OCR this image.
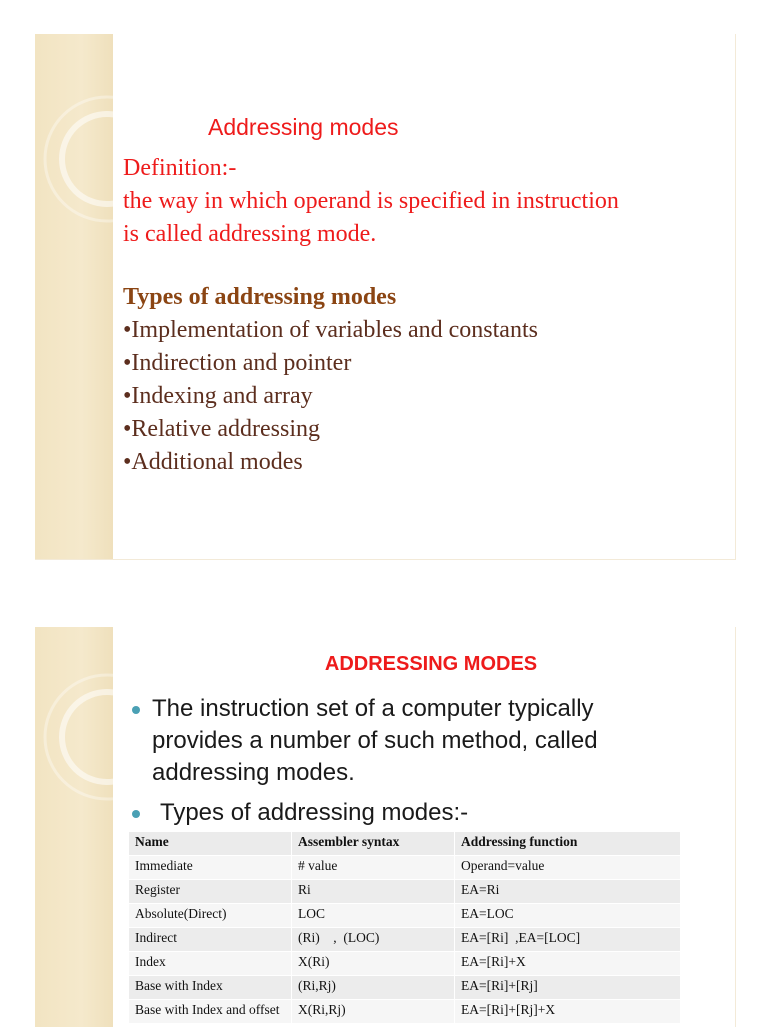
Addressing modes
Definition:-
the way in which operand is specified in instruction
is called addressing mode.
Types of addressing modes
•Implementation of variables and constants
•Indirection and pointer
•Indexing and array
•Relative addressing
•Additional modes
ADDRESSING MODES
The instruction set of a computer typically provides a number of such method, called addressing modes.
Types of addressing modes:-
Name	Assembler syntax	Addressing function
Immediate	# value	Operand=value
Register	Ri	EA=Ri
Absolute(Direct)	LOC	EA=LOC
Indirect	(Ri)    ,  (LOC)	EA=[Ri]  ,EA=[LOC]
Index	X(Ri)	EA=[Ri]+X
Base with Index	(Ri,Rj)	EA=[Ri]+[Rj]
Base with Index and offset	X(Ri,Rj)	EA=[Ri]+[Rj]+X
